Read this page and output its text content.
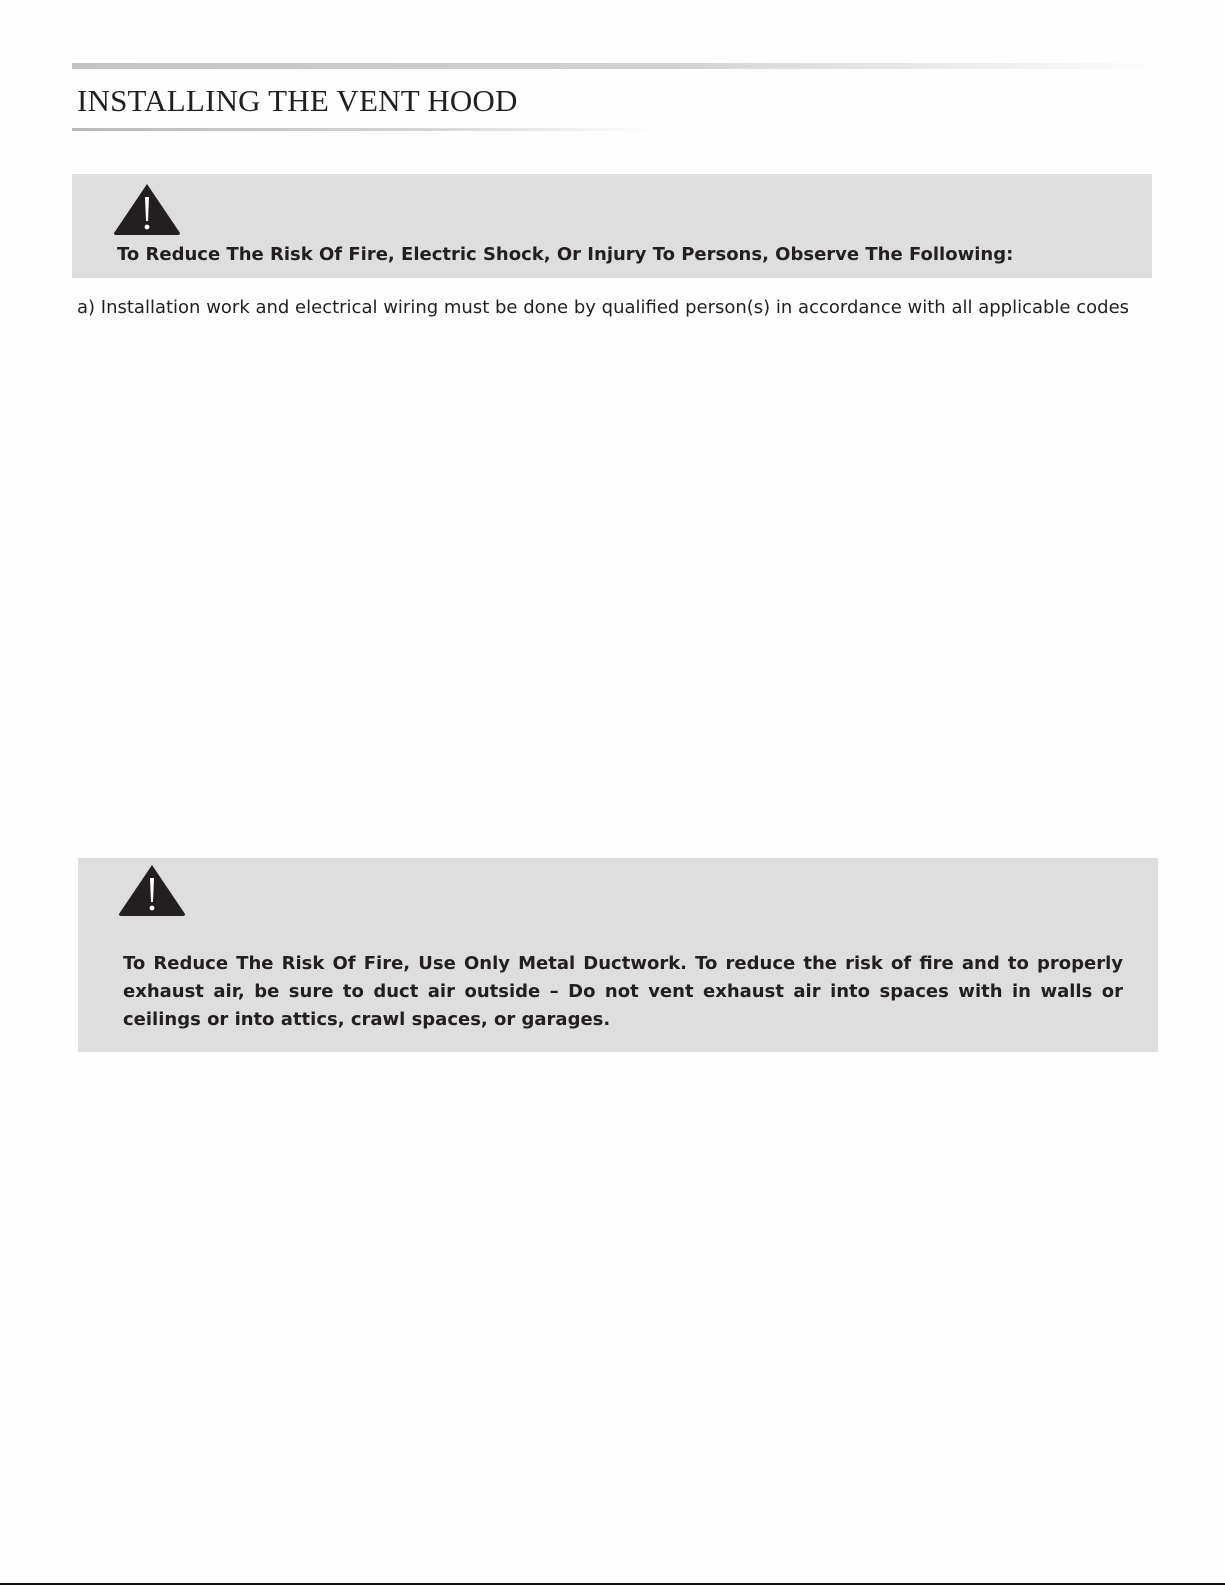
INSTALLING THE VENT HOOD

To Reduce The Risk Of Fire, Electric Shock, Or Injury To Persons, Observe The Following:

a) Installation work and electrical wiring must be done by qualified person(s) in accordance with all applicable codes

To Reduce The Risk Of Fire, Use Only Metal Ductwork. To reduce the risk of fire and to properly exhaust air, be sure to duct air outside – Do not vent exhaust air into spaces with in walls or ceilings or into attics, crawl spaces, or garages.
